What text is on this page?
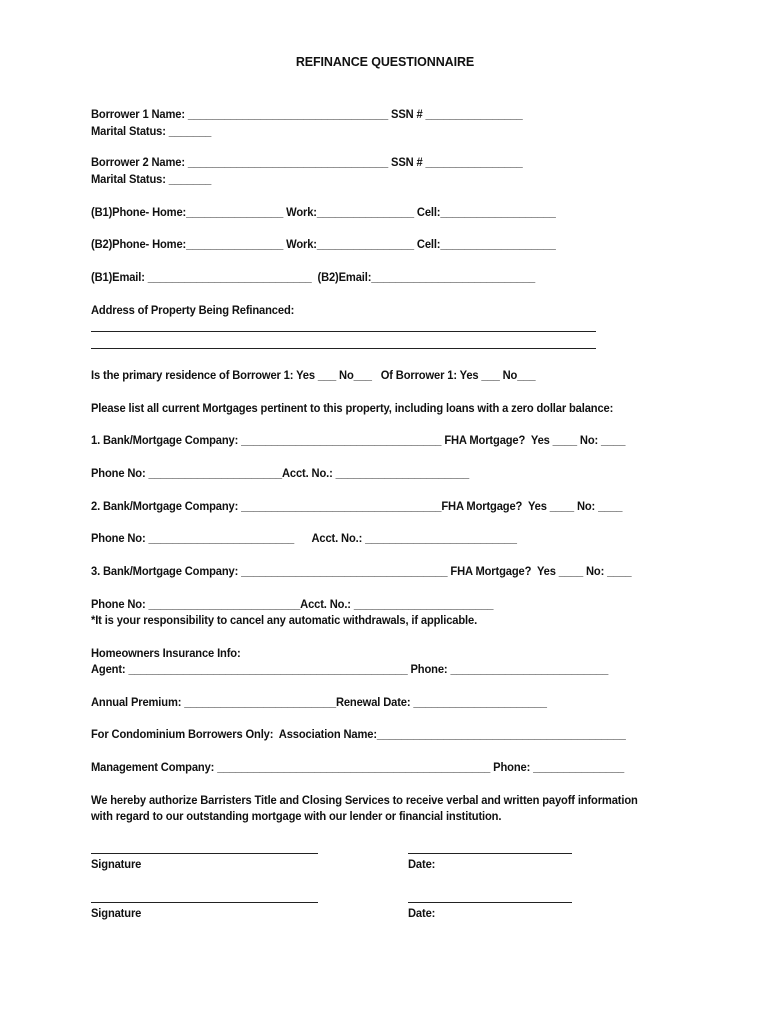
REFINANCE QUESTIONNAIRE
Borrower 1 Name: _________________________________ SSN # ________________
Marital Status: _______
Borrower 2 Name: _________________________________ SSN # ________________
Marital Status: _______
(B1)Phone- Home:________________ Work:________________ Cell:___________________
(B2)Phone- Home:________________ Work:________________ Cell:___________________
(B1)Email: ___________________________  (B2)Email:___________________________
Address of Property Being Refinanced:
Is the primary residence of Borrower 1: Yes ___ No___   Of Borrower 1: Yes ___ No___
Please list all current Mortgages pertinent to this property, including loans with a zero dollar balance:
1. Bank/Mortgage Company: _________________________________ FHA Mortgage?  Yes ____ No: ____
Phone No: ______________________Acct. No.: ______________________
2. Bank/Mortgage Company: _________________________________FHA Mortgage?  Yes ____ No: ____
Phone No: ________________________      Acct. No.: _________________________
3. Bank/Mortgage Company: __________________________________ FHA Mortgage?  Yes ____ No: ____
Phone No: _________________________Acct. No.: _______________________
*It is your responsibility to cancel any automatic withdrawals, if applicable.
Homeowners Insurance Info:
Agent: ______________________________________________ Phone: __________________________
Annual Premium: _________________________Renewal Date: ______________________
For Condominium Borrowers Only:  Association Name:_________________________________________
Management Company: _____________________________________________ Phone: _______________
We hereby authorize Barristers Title and Closing Services to receive verbal and written payoff information
with regard to our outstanding mortgage with our lender or financial institution.
Signature	Date:
Signature	Date:
